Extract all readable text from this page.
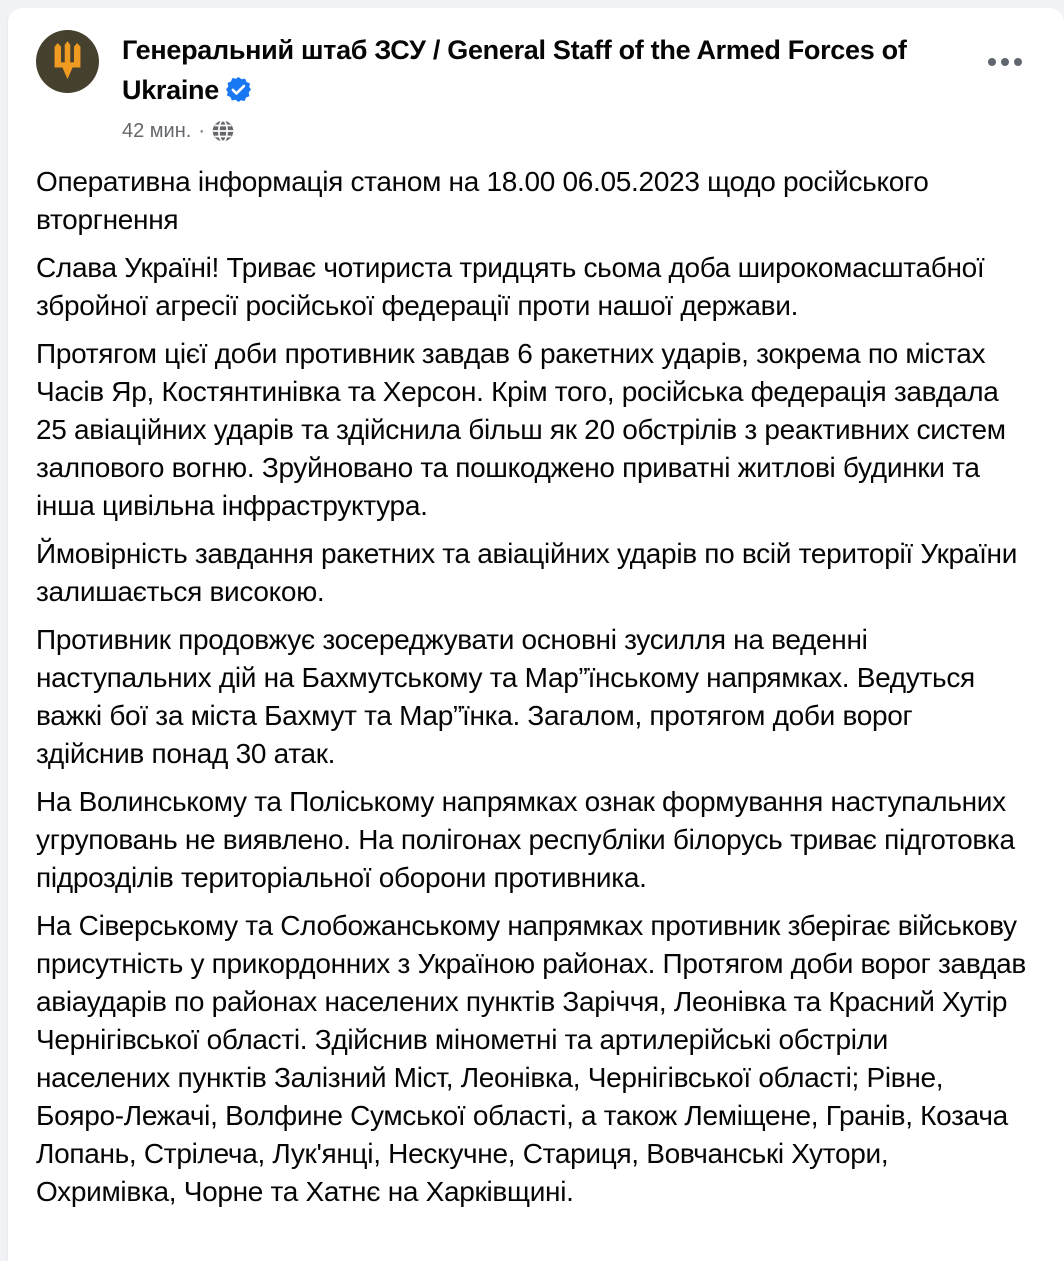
Генеральний штаб ЗСУ / General Staff of the Armed Forces of Ukraine
42 мин. ·

Оперативна інформація станом на 18.00 06.05.2023 щодо російського вторгнення

Слава Україні! Триває чотириста тридцять сьома доба широкомасштабної збройної агресії російської федерації проти нашої держави.

Протягом цієї доби противник завдав 6 ракетних ударів, зокрема по містах Часів Яр, Костянтинівка та Херсон. Крім того, російська федерація завдала 25 авіаційних ударів та здійснила більш як 20 обстрілів з реактивних систем залпового вогню. Зруйновано та пошкоджено приватні житлові будинки та інша цивільна інфраструктура.

Ймовірність завдання ракетних та авіаційних ударів по всій території України залишається високою.

Противник продовжує зосереджувати основні зусилля на веденні наступальних дій на Бахмутському та Мар”їнському напрямках. Ведуться важкі бої за міста Бахмут та Мар”їнка. Загалом, протягом доби ворог здійснив понад 30 атак.

На Волинському та Поліському напрямках ознак формування наступальних угруповань не виявлено. На полігонах республіки білорусь триває підготовка підрозділів територіальної оборони противника.

На Сіверському та Слобожанському напрямках противник зберігає військову присутність у прикордонних з Україною районах. Протягом доби ворог завдав авіаударів по районах населених пунктів Заріччя, Леонівка та Красний Хутір Чернігівської області. Здійснив мінометні та артилерійські обстріли населених пунктів Залізний Міст, Леонівка, Чернігівської області; Рівне, Бояро-Лежачі, Волфине Сумської області, а також Леміщене, Гранів, Козача Лопань, Стрілеча, Лук'янці, Нескучне, Стариця, Вовчанські Хутори, Охримівка, Чорне та Хатнє на Харківщині.
